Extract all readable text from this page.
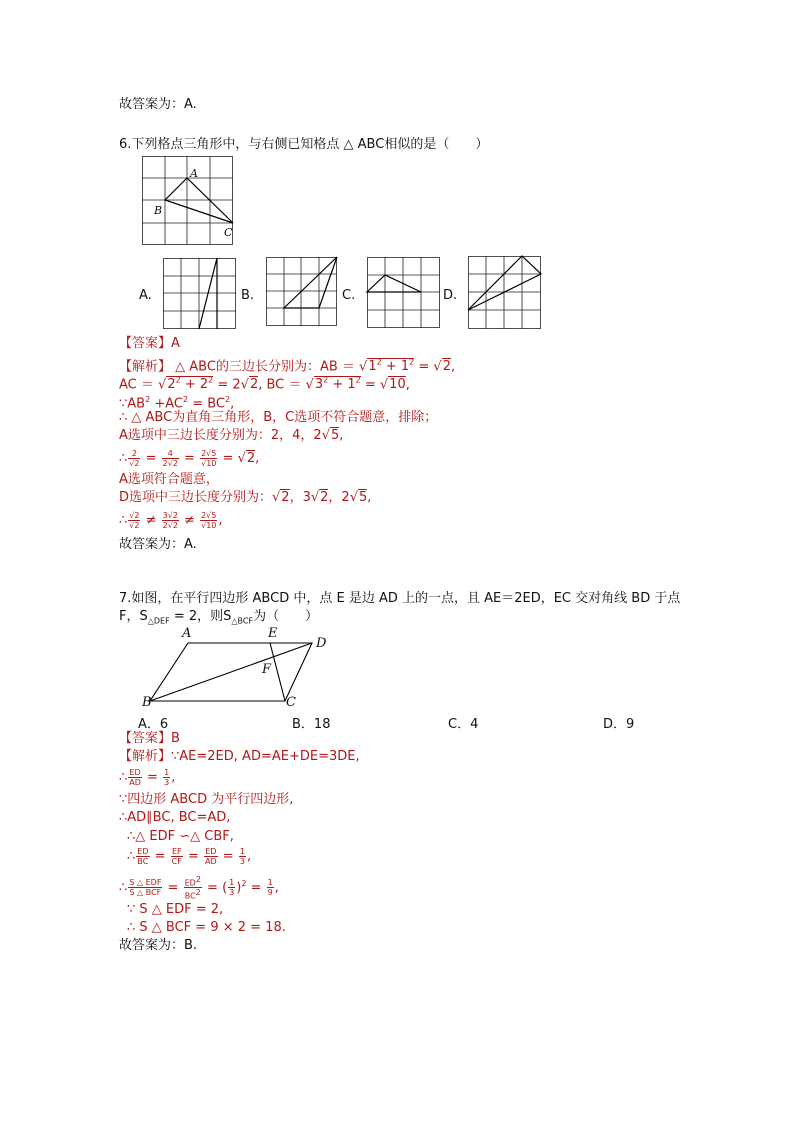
故答案为：A.
6.下列格点三角形中，与右侧已知格点 △ ABC相似的是（　　）
A
B
C
A.	B.	C.	D.
【答案】A
【解析】 △ ABC的三边长分别为：AB ＝ $√1^2 + 1^2 = √2$,
AC ＝ $√2^2 + 2^2 = 2√2$, BC ＝ $√3^2 + 1^2 = √10$,
$\because AB^2 +AC^2 = BC^2$,
∴ △ ABC为直角三角形，B，C选项不符合题意，排除；
A选项中三边长度分别为：2，4，2√5,
∴ $\frac{2}{√2} = \frac{4}{2√2} = \frac{2√5}{√10} = √2$,
A选项符合题意，
D选项中三边长度分别为：√2，3√2，2√5,
∴ $\frac{√2}{√2} \ne \frac{3√2}{2√2} \ne \frac{2√5}{√10}$ ,
故答案为：A.
7.如图，在平行四边形 ABCD 中，点 E 是边 AD 上的一点，且 AE＝2ED，EC 交对角线 BD 于点
F，$S_{\triangle DEF} = 2$，则$S_{\triangle BCF}$为（　　）
A	E
D
F
B	C
A．6	B．18	C．4	D．9
【答案】B
【解析】∵AE=2ED, AD=AE+DE=3DE,
∴ $\frac{ED}{AD} = \frac{1}{3}$ ,
∵四边形 ABCD 为平行四边形,
∴AD∥BC, BC=AD,
∴△ EDF ∽△ CBF,
∴ $\frac{ED}{BC} = \frac{EF}{CF} = \frac{ED}{AD} = \frac{1}{3}$ ,
∴ $\frac{\text{S △ EDF}}{\text{S △ BCF}} = \frac{ED^2}{BC^2}$ = ( $\frac{1}{3} )^2 = \frac{1}{9}$ ,
∵ S △ EDF = 2,
∴ S △ BCF = 9 × 2 = 18.
故答案为：B.
